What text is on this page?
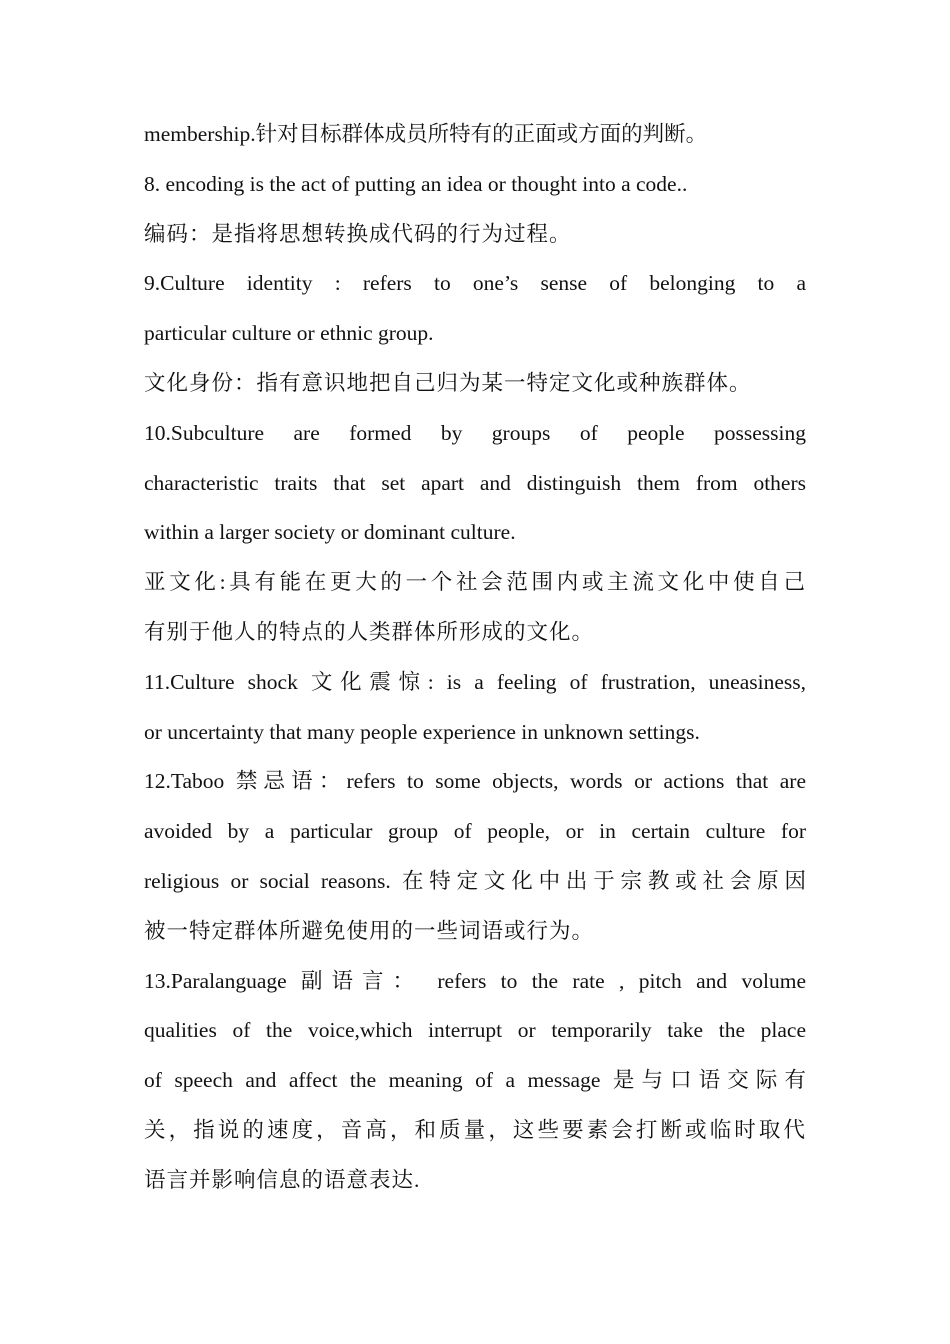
membership.针对目标群体成员所特有的正面或方面的判断。
8. encoding is the act of putting an idea or thought into a code..
编码：是指将思想转换成代码的行为过程。
9.Culture identity : refers to one’s sense of belonging to a
particular culture or ethnic group.
文化身份：指有意识地把自己归为某一特定文化或种族群体。
10.Subculture are formed by groups of people possessing
characteristic traits that set apart and distinguish them from others
within a larger society or dominant culture.
亚文化:具有能在更大的一个社会范围内或主流文化中使自己
有别于他人的特点的人类群体所形成的文化。
11.Culture shock 文化震惊: is a feeling of frustration, uneasiness,
or uncertainty that many people experience in unknown settings.
12.Taboo 禁忌语：refers to some objects, words or actions that are
avoided by a particular group of people, or in certain culture for
religious or social reasons. 在特定文化中出于宗教或社会原因
被一特定群体所避免使用的一些词语或行为。
13.Paralanguage 副语言： refers to the rate , pitch and volume
qualities of the voice,which interrupt or temporarily take the place
of speech and affect the meaning of a message 是与口语交际有
关，指说的速度，音高，和质量，这些要素会打断或临时取代
语言并影响信息的语意表达.
